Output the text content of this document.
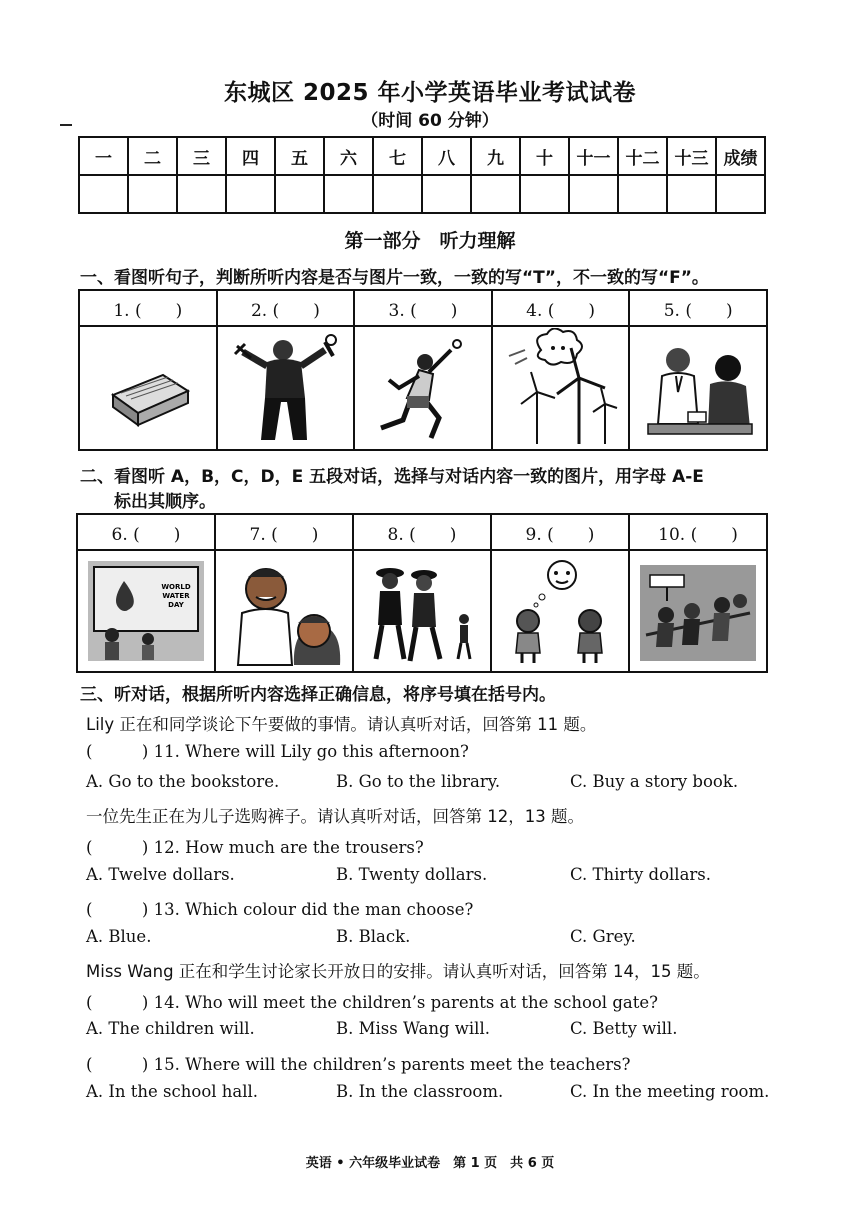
东城区 2025 年小学英语毕业考试试卷
（时间 60 分钟）
一	二	三	四	五	六	七	八	九	十	十一	十二	十三	成绩

第一部分　听力理解
一、看图听句子，判断所听内容是否与图片一致，一致的写“T”，不一致的写“F”。
1. (　　)	2. (　　)	3. (　　)	4. (　　)	5. (　　)

二、看图听 A，B，C，D，E 五段对话，选择与对话内容一致的图片，用字母 A-E
标出其顺序。
6. (　　)	7. (　　)	8. (　　)	9. (　　)	10. (　　)

WORLD
WATER
DAY

三、听对话，根据所听内容选择正确信息，将序号填在括号内。
Lily 正在和同学谈论下午要做的事情。请认真听对话，回答第 11 题。
(　　　) 11. Where will Lily go this afternoon?
A. Go to the bookstore.	B. Go to the library.	C. Buy a story book.
一位先生正在为儿子选购裤子。请认真听对话，回答第 12，13 题。
(　　　) 12. How much are the trousers?
A. Twelve dollars.	B. Twenty dollars.	C. Thirty dollars.
(　　　) 13. Which colour did the man choose?
A. Blue.	B. Black.	C. Grey.
Miss Wang 正在和学生讨论家长开放日的安排。请认真听对话，回答第 14，15 题。
(　　　) 14. Who will meet the children’s parents at the school gate?
A. The children will.	B. Miss Wang will.	C. Betty will.
(　　　) 15. Where will the children’s parents meet the teachers?
A. In the school hall.	B. In the classroom.	C. In the meeting room.
英语 • 六年级毕业试卷　第 1 页　共 6 页
